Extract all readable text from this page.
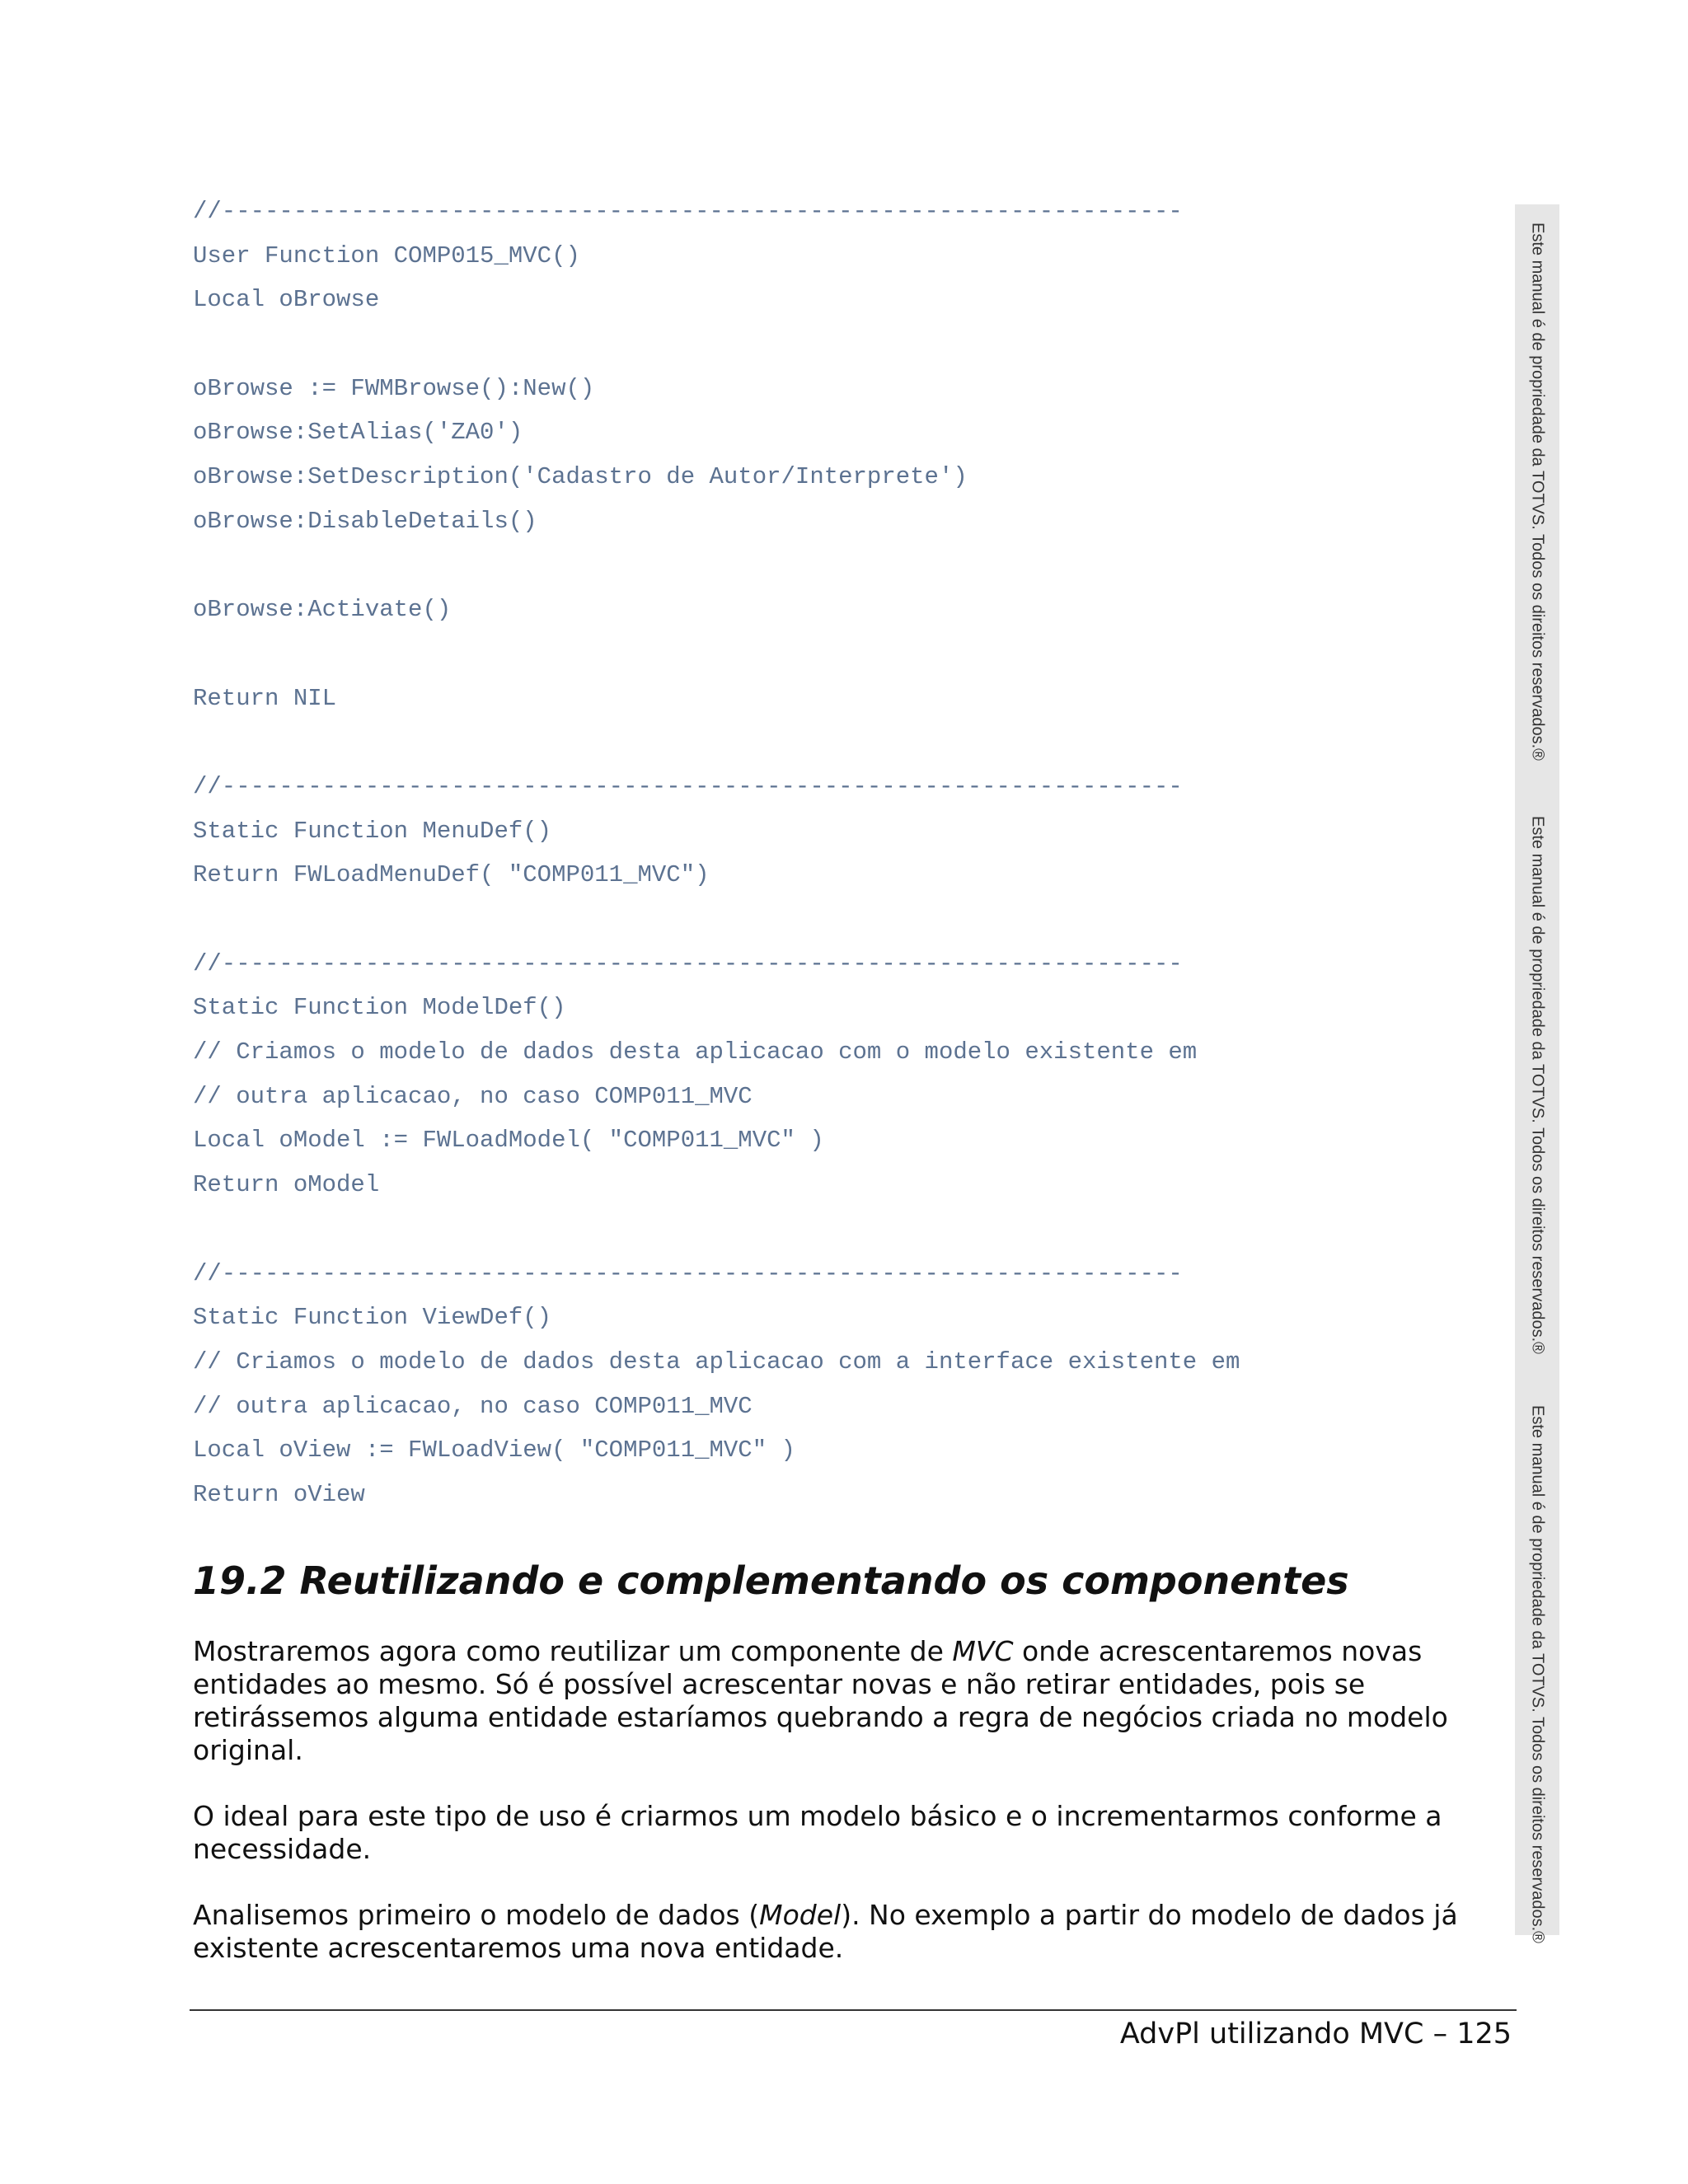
//-------------------------------------------------------------------
User Function COMP015_MVC()
Local oBrowse
oBrowse := FWMBrowse():New()
oBrowse:SetAlias('ZA0')
oBrowse:SetDescription('Cadastro de Autor/Interprete')
oBrowse:DisableDetails()
oBrowse:Activate()
Return NIL
//-------------------------------------------------------------------
Static Function MenuDef()
Return FWLoadMenuDef( "COMP011_MVC")
//-------------------------------------------------------------------
Static Function ModelDef()
// Criamos o modelo de dados desta aplicacao com o modelo existente em
// outra aplicacao, no caso COMP011_MVC
Local oModel := FWLoadModel( "COMP011_MVC" )
Return oModel
//-------------------------------------------------------------------
Static Function ViewDef()
// Criamos o modelo de dados desta aplicacao com a interface existente em
// outra aplicacao, no caso COMP011_MVC
Local oView := FWLoadView( "COMP011_MVC" )
Return oView
19.2 Reutilizando e complementando os componentes

Mostraremos agora como reutilizar um componente de MVC onde acrescentaremos novas entidades ao mesmo. Só é possível acrescentar novas e não retirar entidades, pois se retirássemos alguma entidade estaríamos quebrando a regra de negócios criada no modelo original.

O ideal para este tipo de uso é criarmos um modelo básico e o incrementarmos conforme a necessidade.

Analisemos primeiro o modelo de dados (Model). No exemplo a partir do modelo de dados já existente acrescentaremos uma nova entidade.

Este manual é de propriedade da TOTVS. Todos os direitos reservados.®
Este manual é de propriedade da TOTVS. Todos os direitos reservados.®
Este manual é de propriedade da TOTVS. Todos os direitos reservados.®
AdvPl utilizando MVC – 125
